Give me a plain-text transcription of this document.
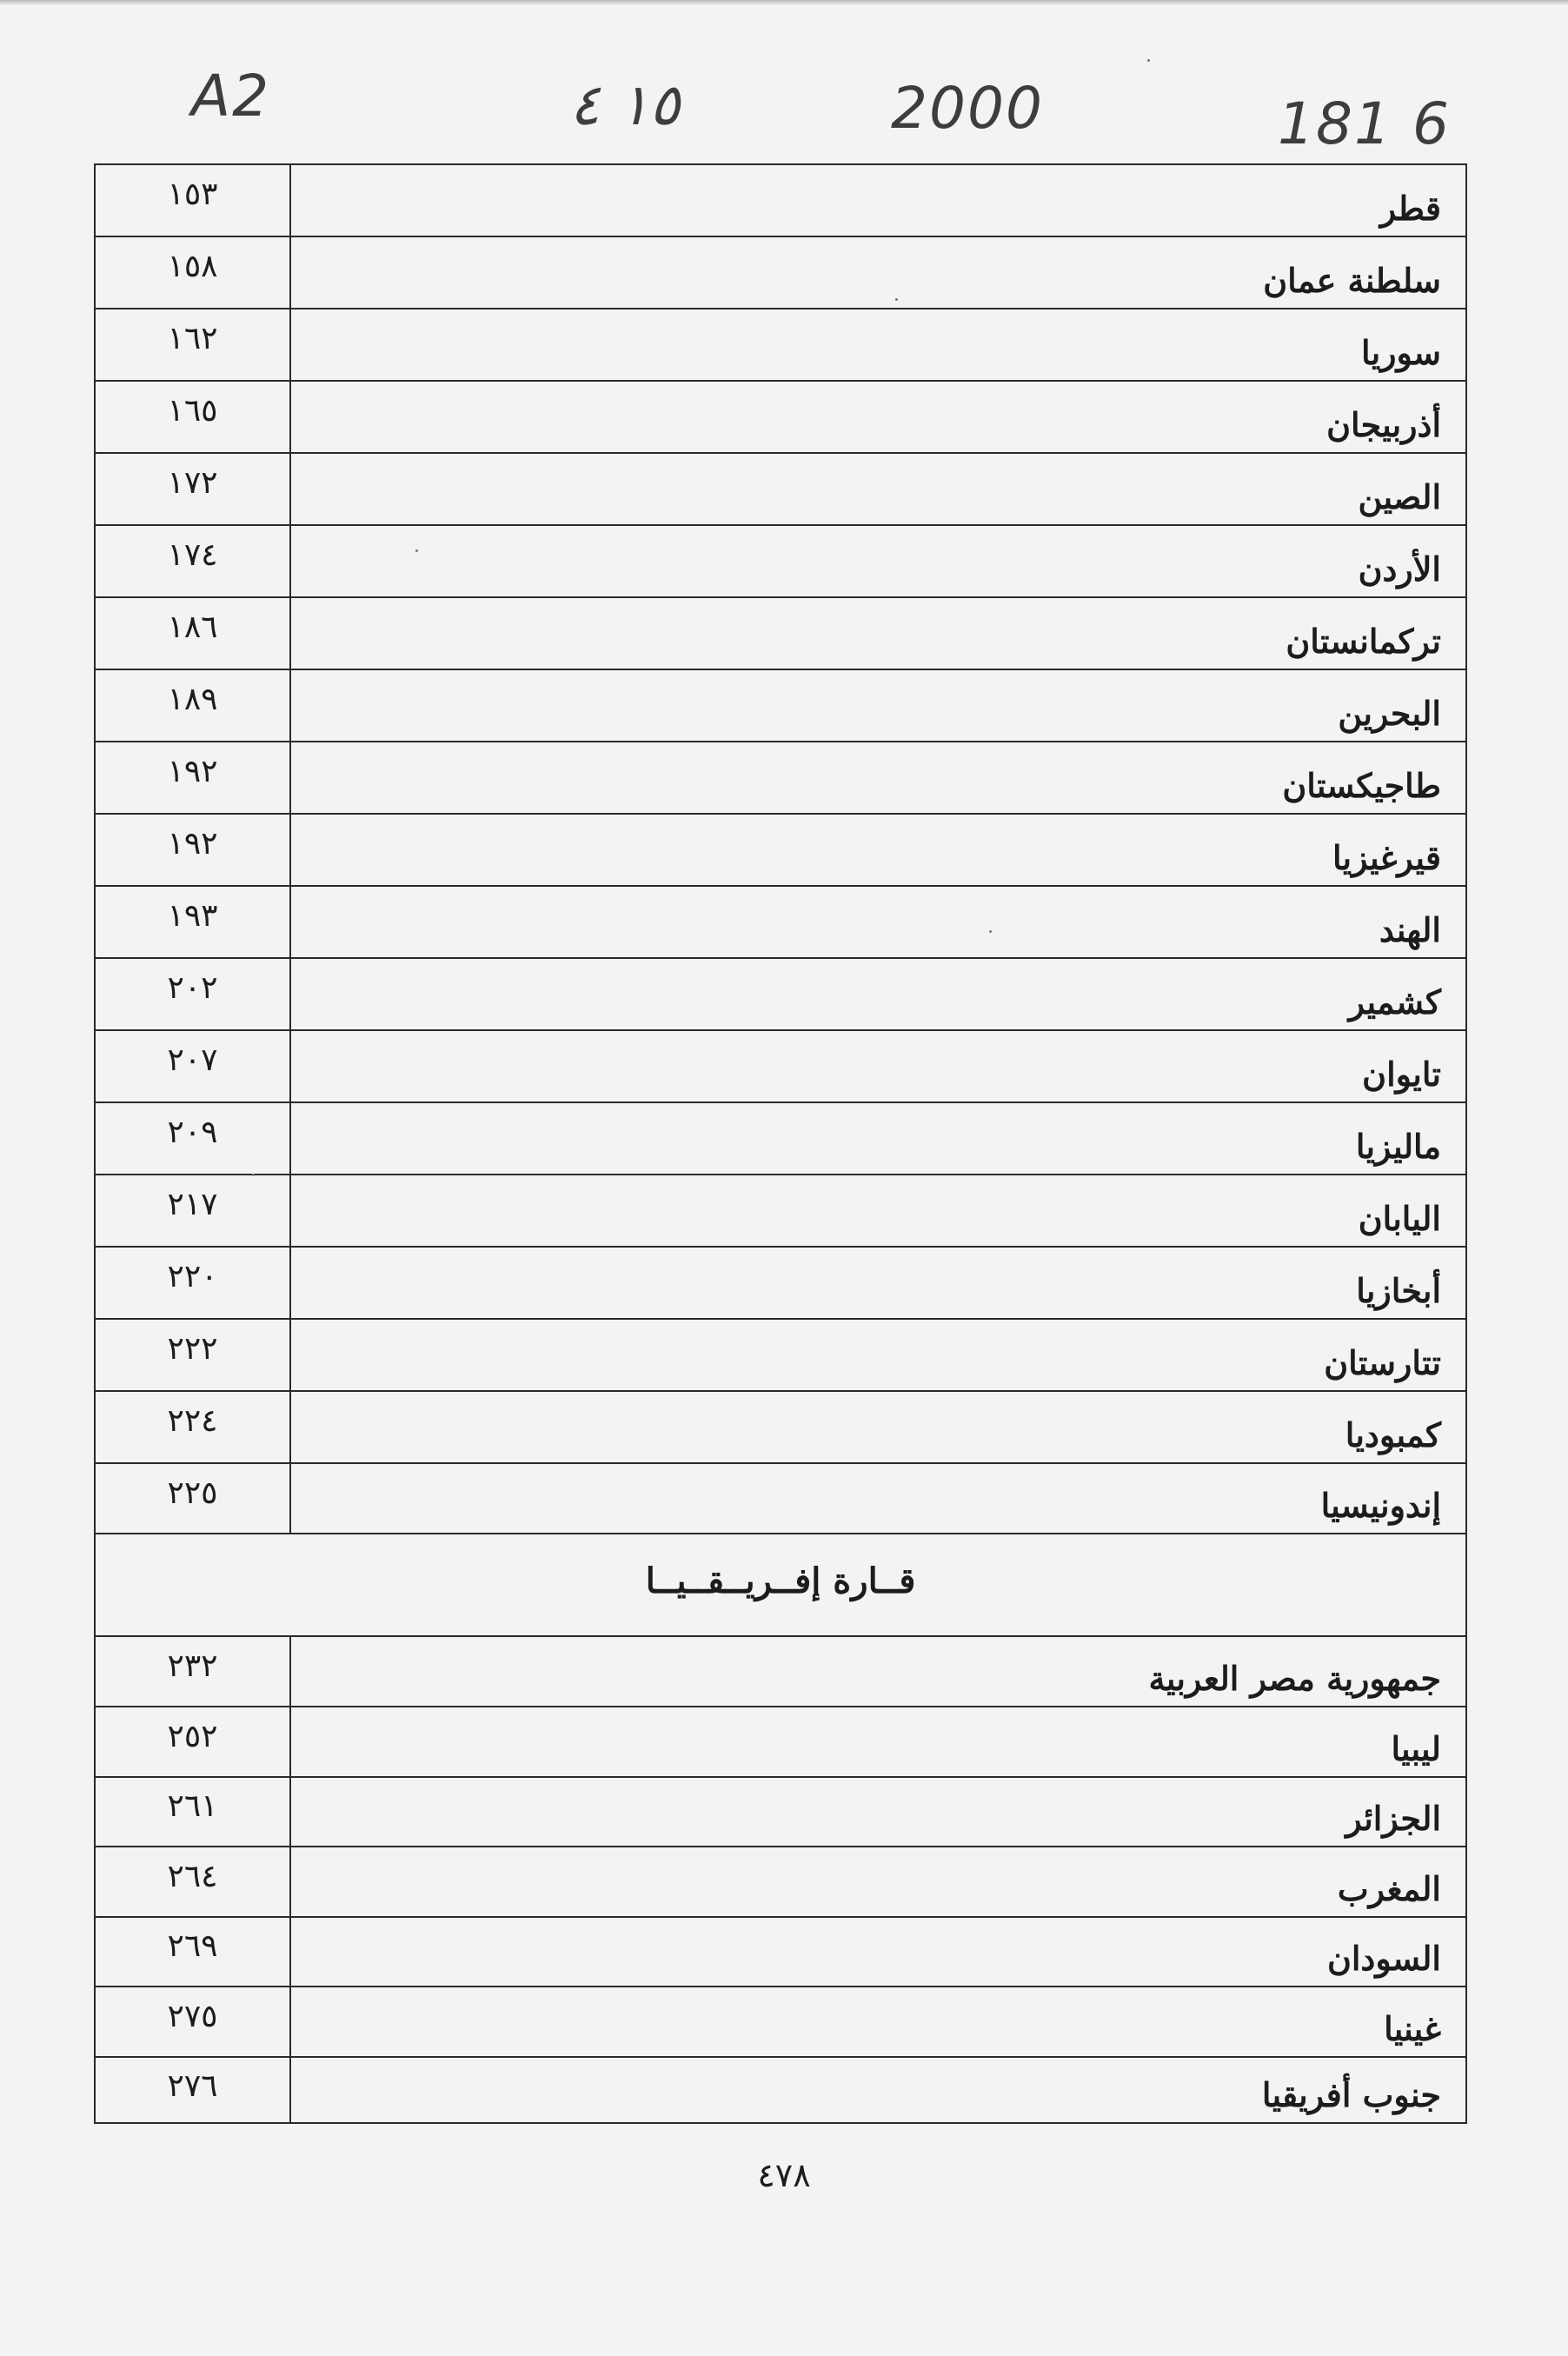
A2	١٥ ٤	2000	181 6
قــارة إفــريــقــيــا
١٥٣	قطر
١٥٨	سلطنة عمان
١٦٢	سوريا
١٦٥	أذربيجان
١٧٢	الصين
١٧٤	الأردن
١٨٦	تركمانستان
١٨٩	البحرين
١٩٢	طاجيكستان
١٩٢	قيرغيزيا
١٩٣	الهند
٢٠٢	كشمير
٢٠٧	تايوان
٢٠٩	ماليزيا
٢١٧	اليابان
٢٢٠	أبخازيا
٢٢٢	تتارستان
٢٢٤	كمبوديا
٢٢٥	إندونيسيا
٢٣٢	جمهورية مصر العربية
٢٥٢	ليبيا
٢٦١	الجزائر
٢٦٤	المغرب
٢٦٩	السودان
٢٧٥	غينيا
٢٧٦	جنوب أفريقيا
٤٧٨
